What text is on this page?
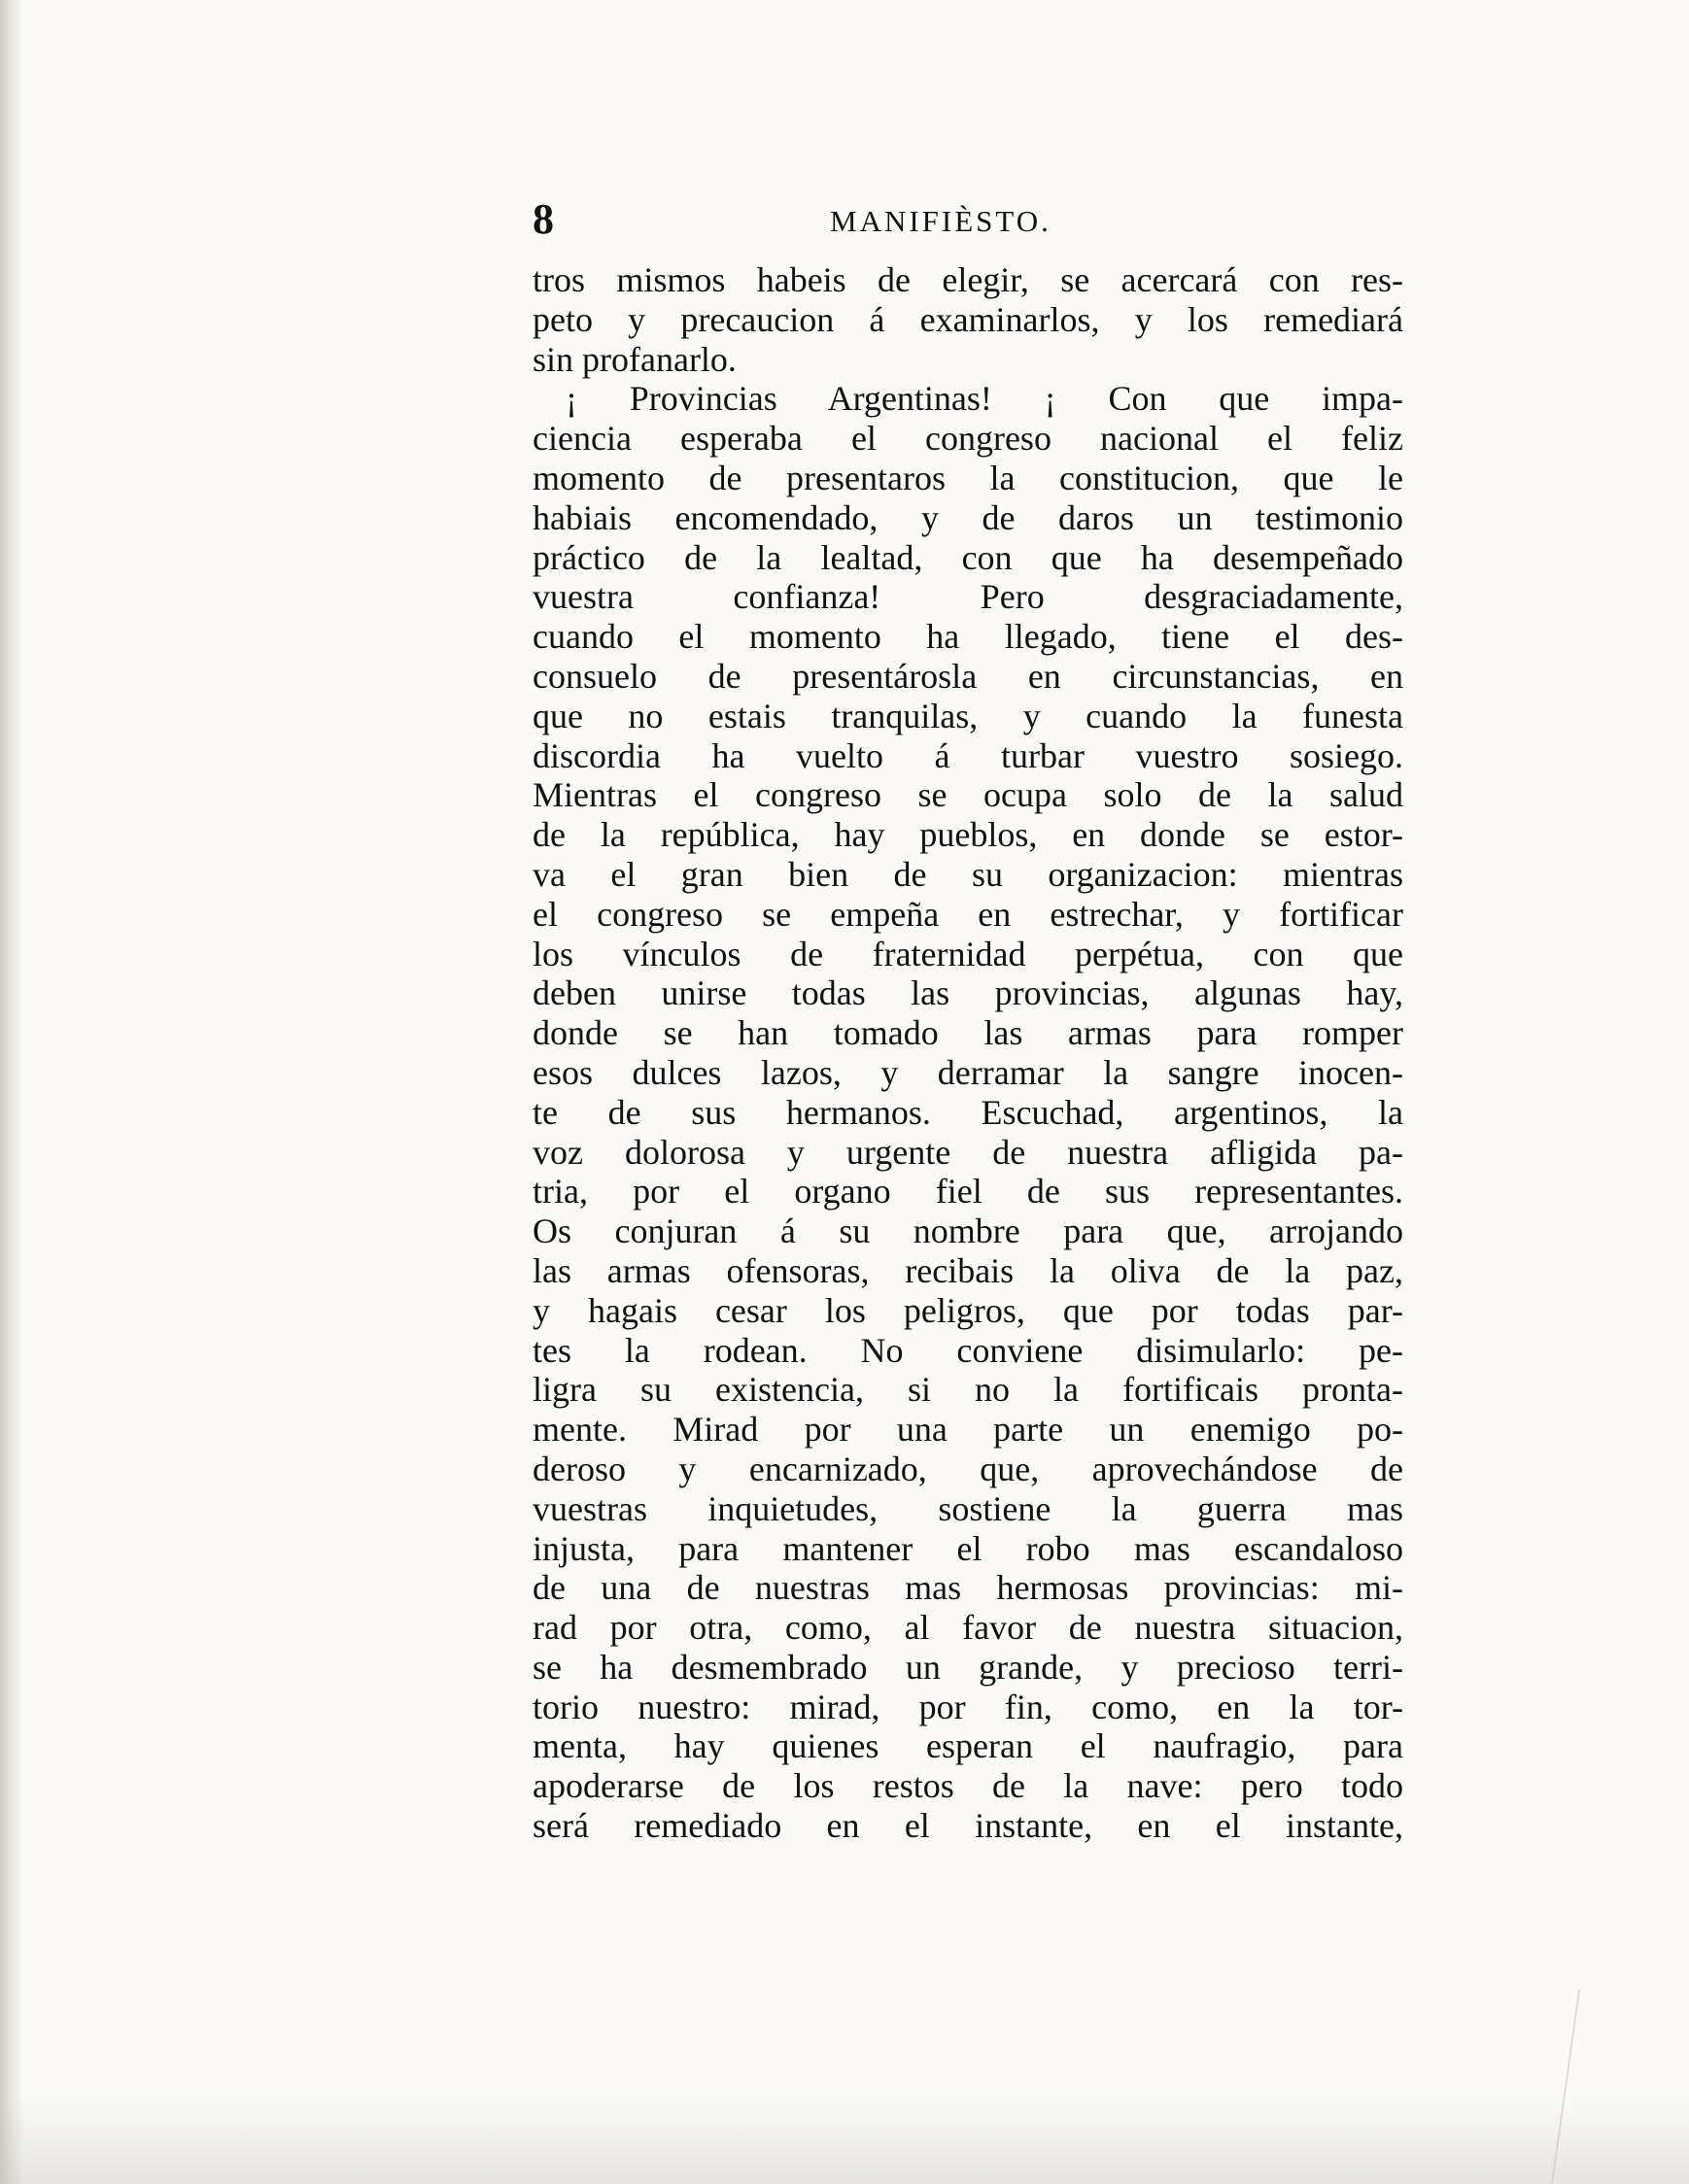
8	MANIFIÈSTO.
tros mismos habeis de elegir, se acercará con res-
peto y precaucion á examinarlos, y los remediará
sin profanarlo.
¡ Provincias Argentinas! ¡ Con que impa-
ciencia esperaba el congreso nacional el feliz
momento de presentaros la constitucion, que le
habiais encomendado, y de daros un testimonio
práctico de la lealtad, con que ha desempeñado
vuestra confianza! Pero desgraciadamente,
cuando el momento ha llegado, tiene el des-
consuelo de presentárosla en circunstancias, en
que no estais tranquilas, y cuando la funesta
discordia ha vuelto á turbar vuestro sosiego.
Mientras el congreso se ocupa solo de la salud
de la república, hay pueblos, en donde se estor-
va el gran bien de su organizacion: mientras
el congreso se empeña en estrechar, y fortificar
los vínculos de fraternidad perpétua, con que
deben unirse todas las provincias, algunas hay,
donde se han tomado las armas para romper
esos dulces lazos, y derramar la sangre inocen-
te de sus hermanos. Escuchad, argentinos, la
voz dolorosa y urgente de nuestra afligida pa-
tria, por el organo fiel de sus representantes.
Os conjuran á su nombre para que, arrojando
las armas ofensoras, recibais la oliva de la paz,
y hagais cesar los peligros, que por todas par-
tes la rodean. No conviene disimularlo: pe-
ligra su existencia, si no la fortificais pronta-
mente. Mirad por una parte un enemigo po-
deroso y encarnizado, que, aprovechándose de
vuestras inquietudes, sostiene la guerra mas
injusta, para mantener el robo mas escandaloso
de una de nuestras mas hermosas provincias: mi-
rad por otra, como, al favor de nuestra situacion,
se ha desmembrado un grande, y precioso terri-
torio nuestro: mirad, por fin, como, en la tor-
menta, hay quienes esperan el naufragio, para
apoderarse de los restos de la nave: pero todo
será remediado en el instante, en el instante,
